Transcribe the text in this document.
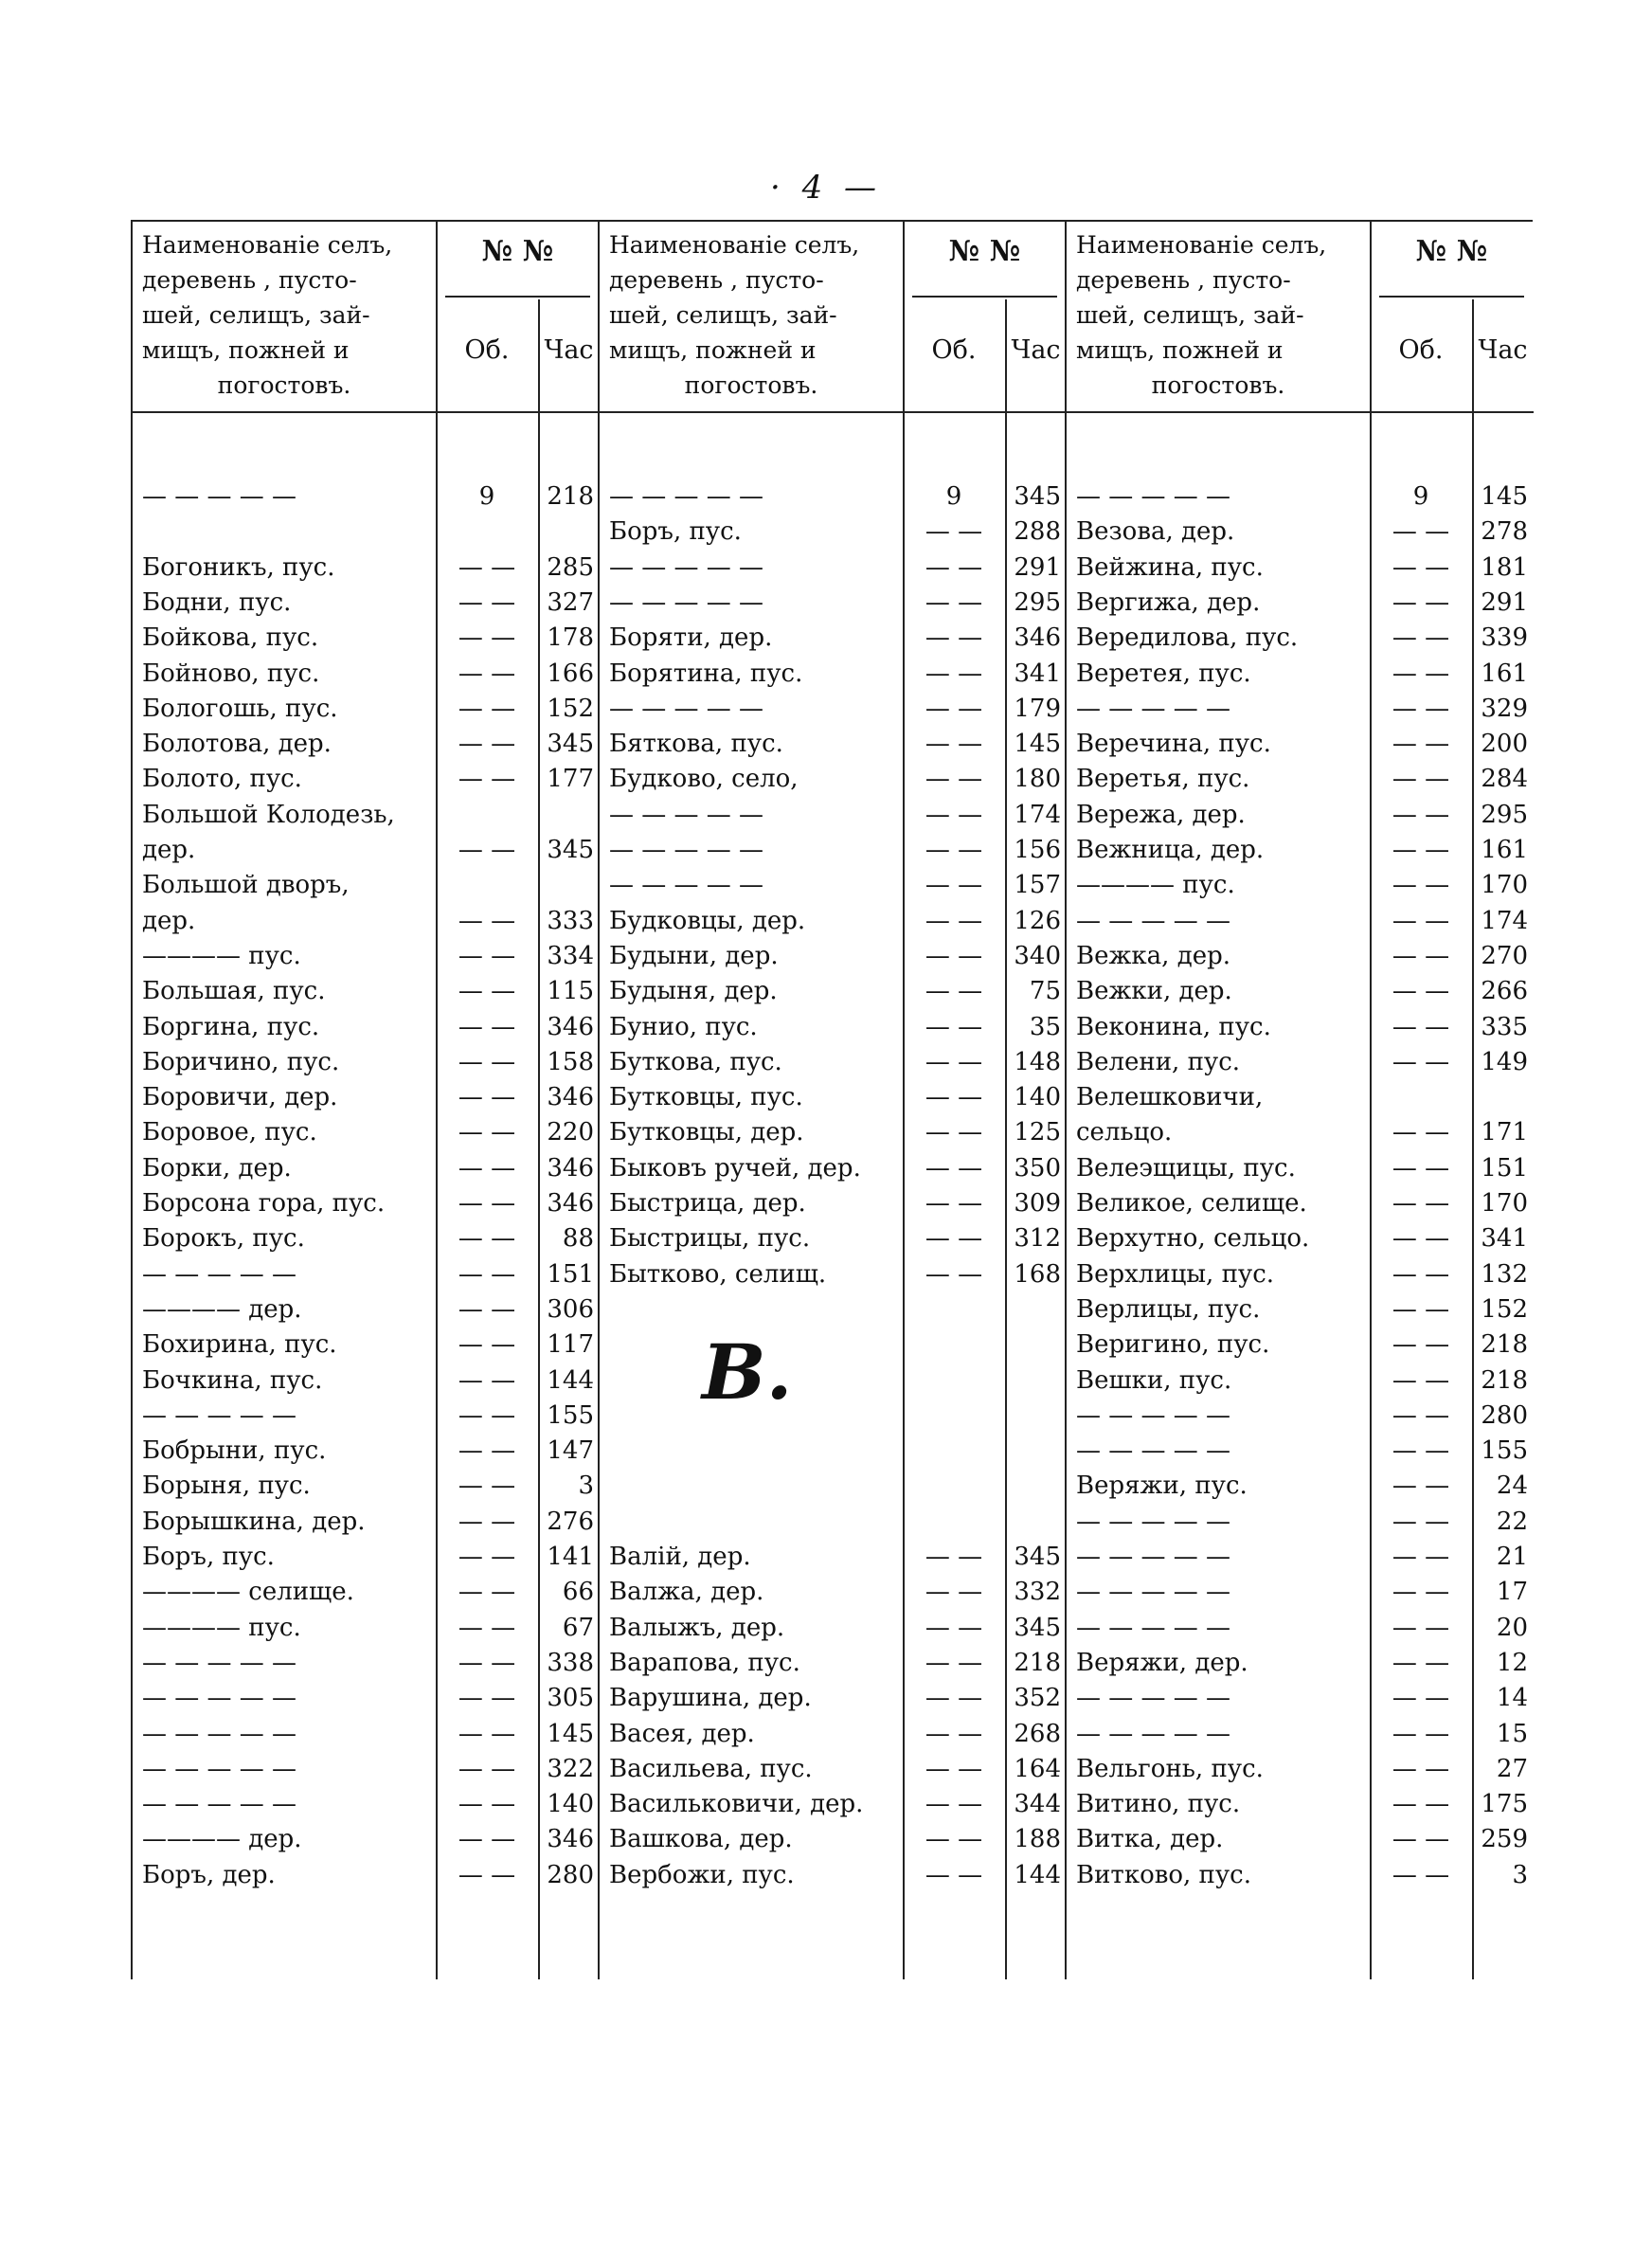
· 4 —
Наименованіе селъ,
деревень , пусто-
шей, селищъ, зай-
мищъ, пожней и
погостовъ.
№ №
Об.	Час
— — — — —	9	218
Богоникъ, пус.	— —	285
Бодни, пус.	— —	327
Бойкова, пус.	— —	178
Бойново, пус.	— —	166
Бологошь, пус.	— —	152
Болотова, дер.	— —	345
Болото, пус.	— —	177
Большой Колодезь,
дер.	— —	345
Большой дворъ,
дер.	— —	333
———— пус.	— —	334
Большая, пус.	— —	115
Боргина, пус.	— —	346
Боричино, пус.	— —	158
Боровичи, дер.	— —	346
Боровое, пус.	— —	220
Борки, дер.	— —	346
Борсона гора, пус.	— —	346
Борокъ, пус.	— —	88
— — — — —	— —	151
———— дер.	— —	306
Бохирина, пус.	— —	117
Бочкина, пус.	— —	144
— — — — —	— —	155
Бобрыни, пус.	— —	147
Борыня, пус.	— —	3
Борышкина, дер.	— —	276
Боръ, пус.	— —	141
———— селище.	— —	66
———— пус.	— —	67
— — — — —	— —	338
— — — — —	— —	305
— — — — —	— —	145
— — — — —	— —	322
— — — — —	— —	140
———— дер.	— —	346
Боръ, дер.	— —	280
Наименованіе селъ,
деревень , пусто-
шей, селищъ, зай-
мищъ, пожней и
погостовъ.
№ №
Об.	Час
— — — — —	9	345
Боръ, пус.	— —	288
— — — — —	— —	291
— — — — —	— —	295
Боряти, дер.	— —	346
Борятина, пус.	— —	341
— — — — —	— —	179
Бяткова, пус.	— —	145
Будково, село,	— —	180
— — — — —	— —	174
— — — — —	— —	156
— — — — —	— —	157
Будковцы, дер.	— —	126
Будыни, дер.	— —	340
Будыня, дер.	— —	75
Бунио, пус.	— —	35
Буткова, пус.	— —	148
Бутковцы, пус.	— —	140
Бутковцы, дер.	— —	125
Быковъ ручей, дер.	— —	350
Быстрица, дер.	— —	309
Быстрицы, пус.	— —	312
Бытково, селищ.	— —	168
Валій, дер.	— —	345
Валжа, дер.	— —	332
Валыжъ, дер.	— —	345
Варапова, пус.	— —	218
Варушина, дер.	— —	352
Васея, дер.	— —	268
Васильева, пус.	— —	164
Васильковичи, дер.	— —	344
Вашкова, дер.	— —	188
Вербожи, пус.	— —	144
Наименованіе селъ,
деревень , пусто-
шей, селищъ, зай-
мищъ, пожней и
погостовъ.
№ №
Об.	Час
— — — — —	9	145
Везова, дер.	— —	278
Вейжина, пус.	— —	181
Вергижа, дер.	— —	291
Вередилова, пус.	— —	339
Веретея, пус.	— —	161
— — — — —	— —	329
Веречина, пус.	— —	200
Веретья, пус.	— —	284
Вережа, дер.	— —	295
Вежница, дер.	— —	161
———— пус.	— —	170
— — — — —	— —	174
Вежка, дер.	— —	270
Вежки, дер.	— —	266
Веконина, пус.	— —	335
Велени, пус.	— —	149
Велешковичи,
сельцо.	— —	171
Велеэщицы, пус.	— —	151
Великое, селище.	— —	170
Верхутно, сельцо.	— —	341
Верхлицы, пус.	— —	132
Верлицы, пус.	— —	152
Веригино, пус.	— —	218
Вешки, пус.	— —	218
— — — — —	— —	280
— — — — —	— —	155
Веряжи, пус.	— —	24
— — — — —	— —	22
— — — — —	— —	21
— — — — —	— —	17
— — — — —	— —	20
Веряжи, дер.	— —	12
— — — — —	— —	14
— — — — —	— —	15
Вельгонь, пус.	— —	27
Витино, пус.	— —	175
Витка, дер.	— —	259
Витково, пус.	— —	3
В.
